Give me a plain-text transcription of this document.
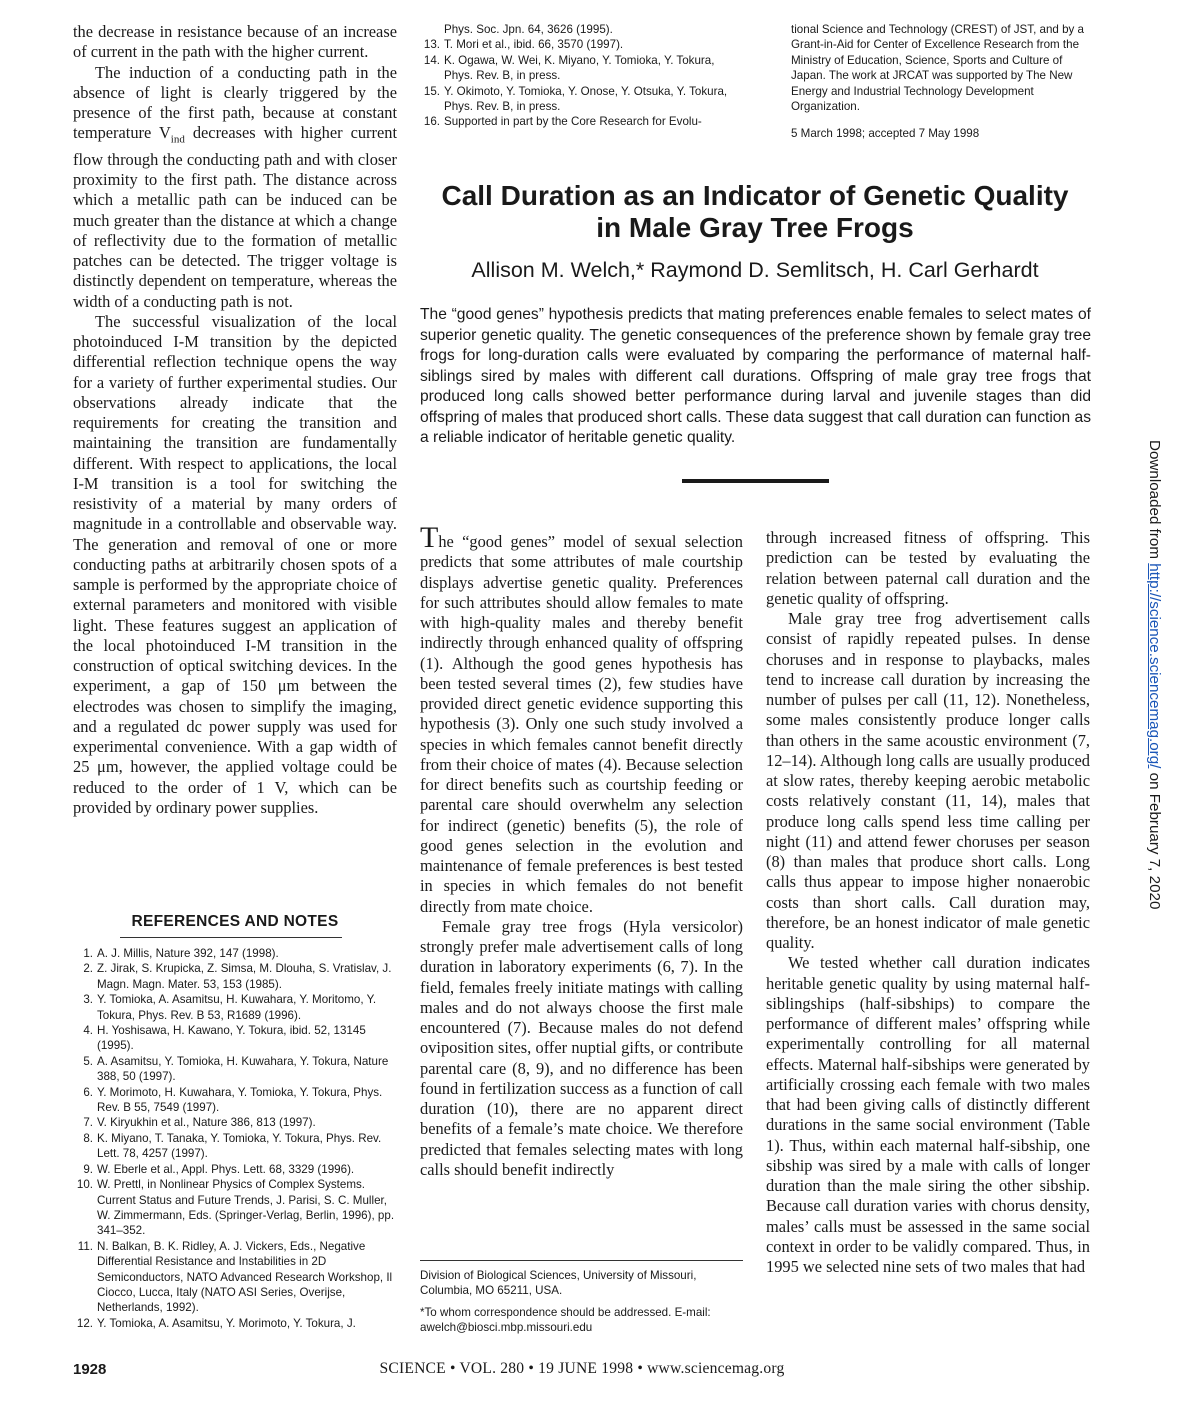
the decrease in resistance because of an increase of current in the path with the higher current.

The induction of a conducting path in the absence of light is clearly triggered by the presence of the first path, because at constant temperature $V_{ind}$ decreases with higher current flow through the conducting path and with closer proximity to the first path. The distance across which a metallic path can be induced can be much greater than the distance at which a change of reflectivity due to the formation of metallic patches can be detected. The trigger voltage is distinctly dependent on temperature, whereas the width of a conducting path is not.

The successful visualization of the local photoinduced I-M transition by the depicted differential reflection technique opens the way for a variety of further experimental studies. Our observations already indicate that the requirements for creating the transition and maintaining the transition are fundamentally different. With respect to applications, the local I-M transition is a tool for switching the resistivity of a material by many orders of magnitude in a controllable and observable way. The generation and removal of one or more conducting paths at arbitrarily chosen spots of a sample is performed by the appropriate choice of external parameters and monitored with visible light. These features suggest an application of the local photoinduced I-M transition in the construction of optical switching devices. In the experiment, a gap of 150 μm between the electrodes was chosen to simplify the imaging, and a regulated dc power supply was used for experimental convenience. With a gap width of 25 μm, however, the applied voltage could be reduced to the order of 1 V, which can be provided by ordinary power supplies.

REFERENCES AND NOTES
1. A. J. Millis, Nature 392, 147 (1998).
2. Z. Jirak, S. Krupicka, Z. Simsa, M. Dlouha, S. Vratislav, J. Magn. Magn. Mater. 53, 153 (1985).
3. Y. Tomioka, A. Asamitsu, H. Kuwahara, Y. Moritomo, Y. Tokura, Phys. Rev. B 53, R1689 (1996).
4. H. Yoshisawa, H. Kawano, Y. Tokura, ibid. 52, 13145 (1995).
5. A. Asamitsu, Y. Tomioka, H. Kuwahara, Y. Tokura, Nature 388, 50 (1997).
6. Y. Morimoto, H. Kuwahara, Y. Tomioka, Y. Tokura, Phys. Rev. B 55, 7549 (1997).
7. V. Kiryukhin et al., Nature 386, 813 (1997).
8. K. Miyano, T. Tanaka, Y. Tomioka, Y. Tokura, Phys. Rev. Lett. 78, 4257 (1997).
9. W. Eberle et al., Appl. Phys. Lett. 68, 3329 (1996).
10. W. Prettl, in Nonlinear Physics of Complex Systems. Current Status and Future Trends, J. Parisi, S. C. Muller, W. Zimmermann, Eds. (Springer-Verlag, Berlin, 1996), pp. 341–352.
11. N. Balkan, B. K. Ridley, A. J. Vickers, Eds., Negative Differential Resistance and Instabilities in 2D Semiconductors, NATO Advanced Research Workshop, Il Ciocco, Lucca, Italy (NATO ASI Series, Overijse, Netherlands, 1992).
12. Y. Tomioka, A. Asamitsu, Y. Morimoto, Y. Tokura, J.
Phys. Soc. Jpn. 64, 3626 (1995).
13. T. Mori et al., ibid. 66, 3570 (1997).
14. K. Ogawa, W. Wei, K. Miyano, Y. Tomioka, Y. Tokura, Phys. Rev. B, in press.
15. Y. Okimoto, Y. Tomioka, Y. Onose, Y. Otsuka, Y. Tokura, Phys. Rev. B, in press.
16. Supported in part by the Core Research for Evolu-
tional Science and Technology (CREST) of JST, and by a Grant-in-Aid for Center of Excellence Research from the Ministry of Education, Science, Sports and Culture of Japan. The work at JRCAT was supported by The New Energy and Industrial Technology Development Organization.
5 March 1998; accepted 7 May 1998
Call Duration as an Indicator of Genetic Quality
in Male Gray Tree Frogs
Allison M. Welch,* Raymond D. Semlitsch, H. Carl Gerhardt
The “good genes” hypothesis predicts that mating preferences enable females to select mates of superior genetic quality. The genetic consequences of the preference shown by female gray tree frogs for long-duration calls were evaluated by comparing the performance of maternal half-siblings sired by males with different call durations. Offspring of male gray tree frogs that produced long calls showed better performance during larval and juvenile stages than did offspring of males that produced short calls. These data suggest that call duration can function as a reliable indicator of heritable genetic quality.

The “good genes” model of sexual selection predicts that some attributes of male courtship displays advertise genetic quality. Preferences for such attributes should allow females to mate with high-quality males and thereby benefit indirectly through enhanced quality of offspring (1). Although the good genes hypothesis has been tested several times (2), few studies have provided direct genetic evidence supporting this hypothesis (3). Only one such study involved a species in which females cannot benefit directly from their choice of mates (4). Because selection for direct benefits such as courtship feeding or parental care should overwhelm any selection for indirect (genetic) benefits (5), the role of good genes selection in the evolution and maintenance of female preferences is best tested in species in which females do not benefit directly from mate choice.

Female gray tree frogs (Hyla versicolor) strongly prefer male advertisement calls of long duration in laboratory experiments (6, 7). In the field, females freely initiate matings with calling males and do not always choose the first male encountered (7). Because males do not defend oviposition sites, offer nuptial gifts, or contribute parental care (8, 9), and no difference has been found in fertilization success as a function of call duration (10), there are no apparent direct benefits of a female’s mate choice. We therefore predicted that females selecting mates with long calls should benefit indirectly

through increased fitness of offspring. This prediction can be tested by evaluating the relation between paternal call duration and the genetic quality of offspring.

Male gray tree frog advertisement calls consist of rapidly repeated pulses. In dense choruses and in response to playbacks, males tend to increase call duration by increasing the number of pulses per call (11, 12). Nonetheless, some males consistently produce longer calls than others in the same acoustic environment (7, 12–14). Although long calls are usually produced at slow rates, thereby keeping aerobic metabolic costs relatively constant (11, 14), males that produce long calls spend less time calling per night (11) and attend fewer choruses per season (8) than males that produce short calls. Long calls thus appear to impose higher nonaerobic costs than short calls. Call duration may, therefore, be an honest indicator of male genetic quality.

We tested whether call duration indicates heritable genetic quality by using maternal half-siblingships (half-sibships) to compare the performance of different males’ offspring while experimentally controlling for all maternal effects. Maternal half-sibships were generated by artificially crossing each female with two males that had been giving calls of distinctly different durations in the same social environment (Table 1). Thus, within each maternal half-sibship, one sibship was sired by a male with calls of longer duration than the male siring the other sibship. Because call duration varies with chorus density, males’ calls must be assessed in the same social context in order to be validly compared. Thus, in 1995 we selected nine sets of two males that had

Division of Biological Sciences, University of Missouri, Columbia, MO 65211, USA.

*To whom correspondence should be addressed. E-mail: awelch@biosci.mbp.missouri.edu

Downloaded from http://science.sciencemag.org/ on February 7, 2020
1928	SCIENCE • VOL. 280 • 19 JUNE 1998 • www.sciencemag.org
